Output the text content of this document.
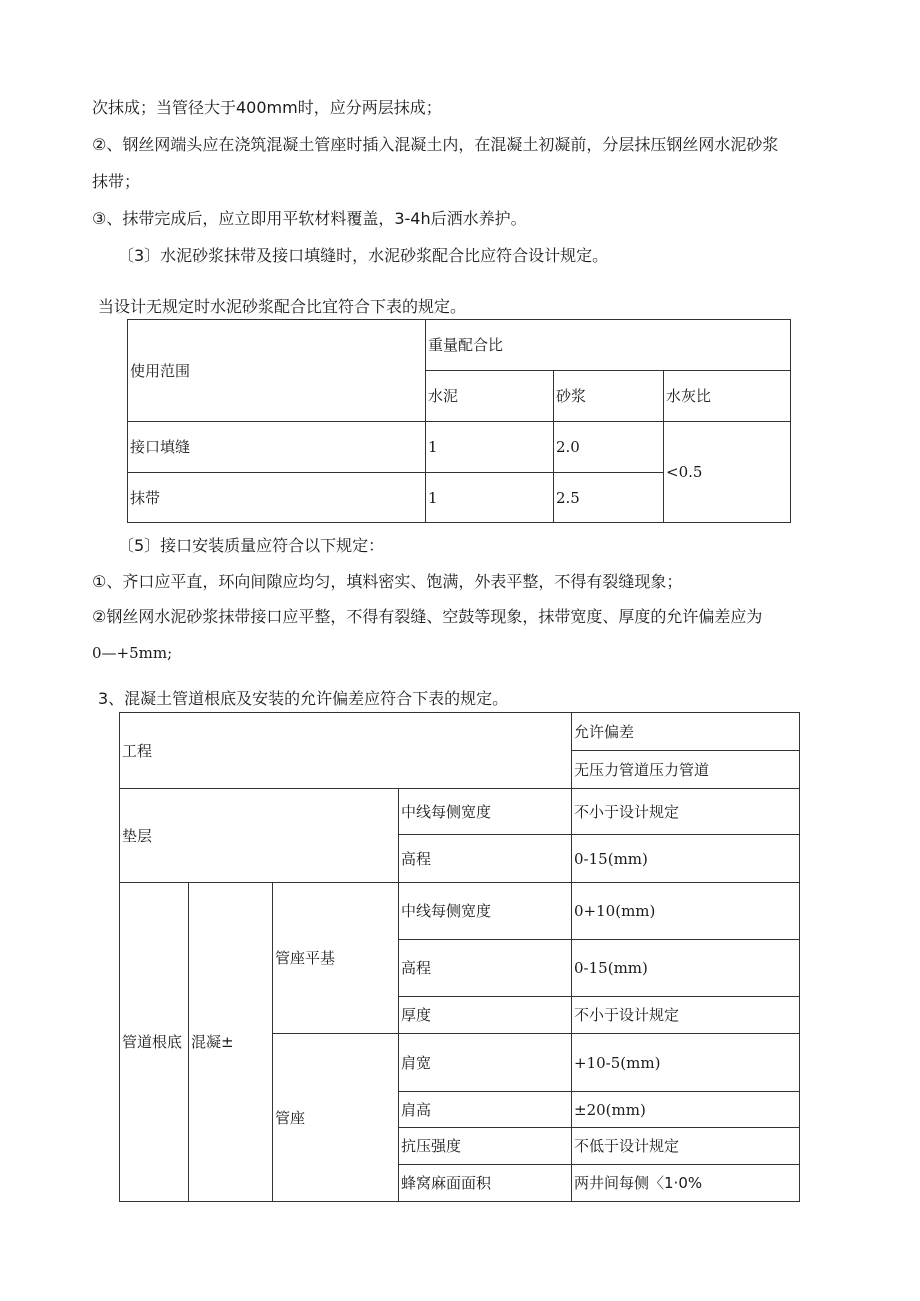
次抹成；当管径大于400mm时，应分两层抹成；
②、钢丝网端头应在浇筑混凝土管座时插入混凝土内，在混凝土初凝前，分层抹压钢丝网水泥砂浆
抹带；
③、抹带完成后，应立即用平软材料覆盖，3-4h后洒水养护。
〔3〕水泥砂浆抹带及接口填缝时，水泥砂浆配合比应符合设计规定。
当设计无规定时水泥砂浆配合比宜符合下表的规定。
使用范围	重量配合比		
	水泥	砂浆	水灰比
接口填缝	1	2.0	<0.5
抹带	1	2.5	
〔5〕接口安装质量应符合以下规定：
①、齐口应平直，环向间隙应均匀，填料密实、饱满，外表平整，不得有裂缝现象；
②钢丝网水泥砂浆抹带接口应平整，不得有裂缝、空鼓等现象，抹带宽度、厚度的允许偏差应为
0—+5mm;
3、混凝土管道根底及安装的允许偏差应符合下表的规定。
工程				允许偏差
				无压力管道压力管道
垫层			中线每侧宽度	不小于设计规定
			高程	0-15(mm)
管道根底	混凝±	管座平基	中线每侧宽度	0+10(mm)
			高程	0-15(mm)
			厚度	不小于设计规定
		管座	肩宽	+10-5(mm)
			肩高	±20(mm)
			抗压强度	不低于设计规定
			蜂窝麻面面积	两井间每侧〈1·0%
